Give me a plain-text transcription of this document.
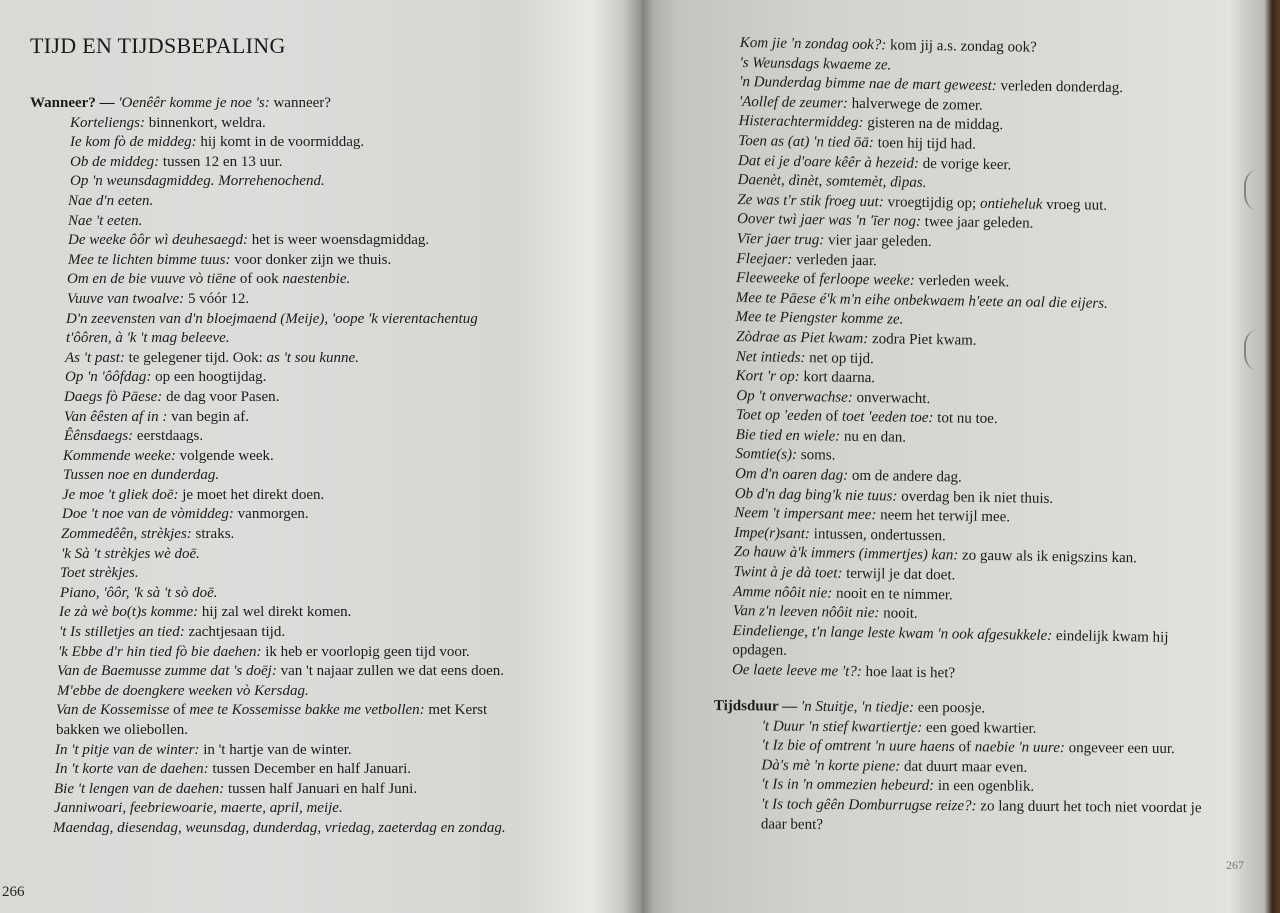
TIJD EN TIJDSBEPALING
Wanneer? — 'Oenêêr komme je noe 's: wanneer?
Korteliengs: binnenkort, weldra.
Ie kom fò de middeg: hij komt in de voormiddag.
Ob de middeg: tussen 12 en 13 uur.
Op 'n weunsdagmiddeg. Morrehenochend.
Nae d'n eeten.
Nae 't eeten.
De weeke ôôr wì deuhesaegd: het is weer woensdagmiddag.
Mee te lichten bimme tuus: voor donker zijn we thuis.
Om en de bie vuuve vò tiēne of ook naestenbie.
Vuuve van twoalve: 5 vóór 12.
D'n zeevensten van d'n bloejmaend (Meije), 'oope 'k vierentachentug
t'ôôren, à 'k 't mag beleeve.
As 't past: te gelegener tijd. Ook: as 't sou kunne.
Op 'n 'ôôfdag: op een hoogtijdag.
Daegs fò Pāese: de dag voor Pasen.
Van êêsten af in : van begin af.
Êênsdaegs: eerstdaags.
Kommende weeke: volgende week.
Tussen noe en dunderdag.
Je moe 't gliek doē: je moet het direkt doen.
Doe 't noe van de vòmiddeg: vanmorgen.
Zommedêên, strèkjes: straks.
'k Sà 't strèkjes wè doē.
Toet strèkjes.
Piano, 'ôôr, 'k sà 't sò doē.
Ie zà wè bo(t)s komme: hij zal wel direkt komen.
't Is stilletjes an tied: zachtjesaan tijd.
'k Ebbe d'r hin tied fò bie daehen: ik heb er voorlopig geen tijd voor.
Van de Baemusse zumme dat 's doēj: van 't najaar zullen we dat eens doen.
M'ebbe de doengkere weeken vò Kersdag.
Van de Kossemisse of mee te Kossemisse bakke me vetbollen: met Kerst
bakken we oliebollen.
In 't pitje van de winter: in 't hartje van de winter.
In 't korte van de daehen: tussen December en half Januari.
Bie 't lengen van de daehen: tussen half Januari en half Juni.
Janniwoari, feebriewoarie, maerte, april, meije.
Maendag, diesendag, weunsdag, dunderdag, vriedag, zaeterdag en zondag.
Kom jie 'n zondag ook?: kom jij a.s. zondag ook?
's Weunsdags kwaeme ze.
'n Dunderdag bimme nae de mart geweest: verleden donderdag.
'Aollef de zeumer: halverwege de zomer.
Histerachtermiddeg: gisteren na de middag.
Toen as (at) 'n tied ōā: toen hij tijd had.
Dat ei je d'oare kêêr à hezeid: de vorige keer.
Daenèt, dìnèt, somtemèt, dìpas.
Ze was t'r stik froeg uut: vroegtijdig op; ontieheluk vroeg uut.
Oover twì jaer was 'n 'īer nog: twee jaar geleden.
Vīer jaer trug: vier jaar geleden.
Fleejaer: verleden jaar.
Fleeweeke of ferloope weeke: verleden week.
Mee te Pāese é'k m'n eihe onbekwaem h'eete an oal die eijers.
Mee te Piengster komme ze.
Zòdrae as Piet kwam: zodra Piet kwam.
Net intieds: net op tijd.
Kort 'r op: kort daarna.
Op 't onverwachse: onverwacht.
Toet op 'eeden of toet 'eeden toe: tot nu toe.
Bie tied en wiele: nu en dan.
Somtie(s): soms.
Om d'n oaren dag: om de andere dag.
Ob d'n dag bing'k nie tuus: overdag ben ik niet thuis.
Neem 't impersant mee: neem het terwijl mee.
Impe(r)sant: intussen, ondertussen.
Zo hauw à'k immers (immertjes) kan: zo gauw als ik enigszins kan.
Twint à je dà toet: terwijl je dat doet.
Amme nôôit nie: nooit en te nimmer.
Van z'n leeven nôôit nie: nooit.
Eindelienge, t'n lange leste kwam 'n ook afgesukkele: eindelijk kwam hij
opdagen.
Oe laete leeve me 't?: hoe laat is het?
Tijdsduur — 'n Stuitje, 'n tiedje: een poosje.
't Duur 'n stief kwartiertje: een goed kwartier.
't Iz bie of omtrent 'n uure haens of naebie 'n uure: ongeveer een uur.
Dà's mè 'n korte piene: dat duurt maar even.
't Is in 'n ommezien hebeurd: in een ogenblik.
't Is toch gêên Domburrugse reize?: zo lang duurt het toch niet voordat je
daar bent?
266
267
